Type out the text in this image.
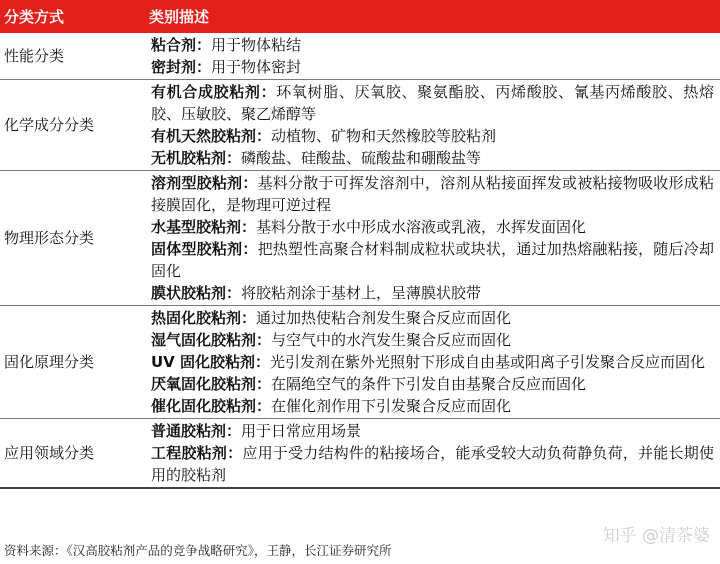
分类方式	类别描述
性能分类	粘合剂：用于物体粘结
密封剂：用于物体密封

化学成分分类	有机合成胶粘剂：环氧树脂、厌氧胶、聚氨酯胶、丙烯酸胶、氰基丙烯酸胶、热熔胶、压敏胶、聚乙烯醇等
有机天然胶粘剂：动植物、矿物和天然橡胶等胶粘剂
无机胶粘剂：磷酸盐、硅酸盐、硫酸盐和硼酸盐等

物理形态分类	溶剂型胶粘剂：基料分散于可挥发溶剂中，溶剂从粘接面挥发或被粘接物吸收形成粘接膜固化，是物理可逆过程
水基型胶粘剂：基料分散于水中形成水溶液或乳液，水挥发面固化
固体型胶粘剂：把热塑性高聚合材料制成粒状或块状，通过加热熔融粘接，随后冷却固化
膜状胶粘剂：将胶粘剂涂于基材上，呈薄膜状胶带

固化原理分类	热固化胶粘剂：通过加热使粘合剂发生聚合反应而固化
湿气固化胶粘剂：与空气中的水汽发生聚合反应而固化
UV 固化胶粘剂：光引发剂在紫外光照射下形成自由基或阳离子引发聚合反应而固化
厌氧固化胶粘剂：在隔绝空气的条件下引发自由基聚合反应而固化
催化固化胶粘剂：在催化剂作用下引发聚合反应而固化

应用领域分类	普通胶粘剂：用于日常应用场景
工程胶粘剂：应用于受力结构件的粘接场合，能承受较大动负荷静负荷，并能长期使用的胶粘剂
资料来源：《汉高胶粘剂产品的竞争战略研究》，王静，长江证券研究所
知乎 @清茶婆
